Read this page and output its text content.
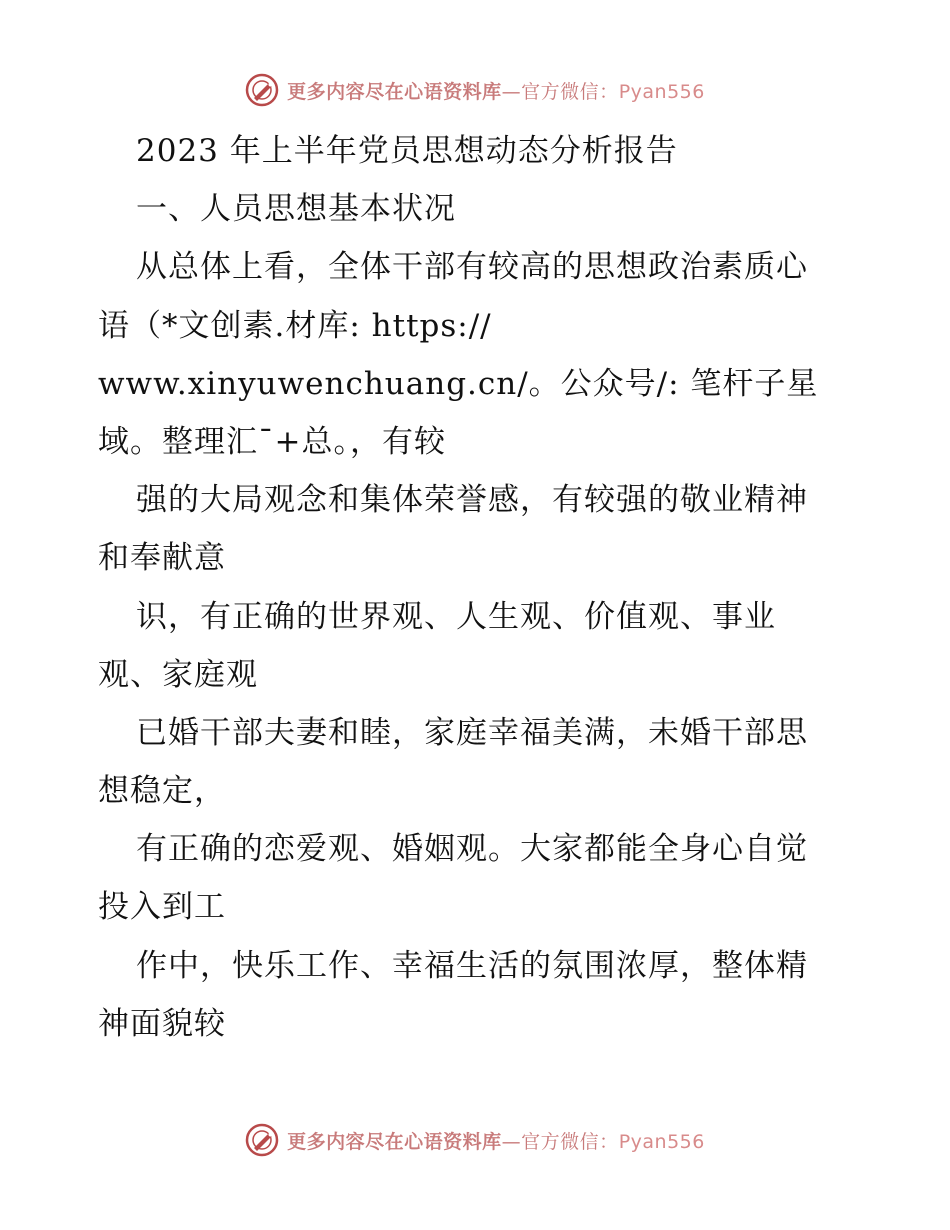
更多内容尽在心语资料库—官方微信：Pyan556
2023 年上半年党员思想动态分析报告
一、人员思想基本状况
从总体上看，全体干部有较高的思想政治素质心
语（*文创素.材库: https://
www.xinyuwenchuang.cn/。公众号/: 笔杆子星
域。整理汇¯+总。，有较
强的大局观念和集体荣誉感，有较强的敬业精神
和奉献意
识，有正确的世界观、人生观、价值观、事业
观、家庭观
已婚干部夫妻和睦，家庭幸福美满，未婚干部思
想稳定，
有正确的恋爱观、婚姻观。大家都能全身心自觉
投入到工
作中，快乐工作、幸福生活的氛围浓厚，整体精
神面貌较
更多内容尽在心语资料库—官方微信：Pyan556
